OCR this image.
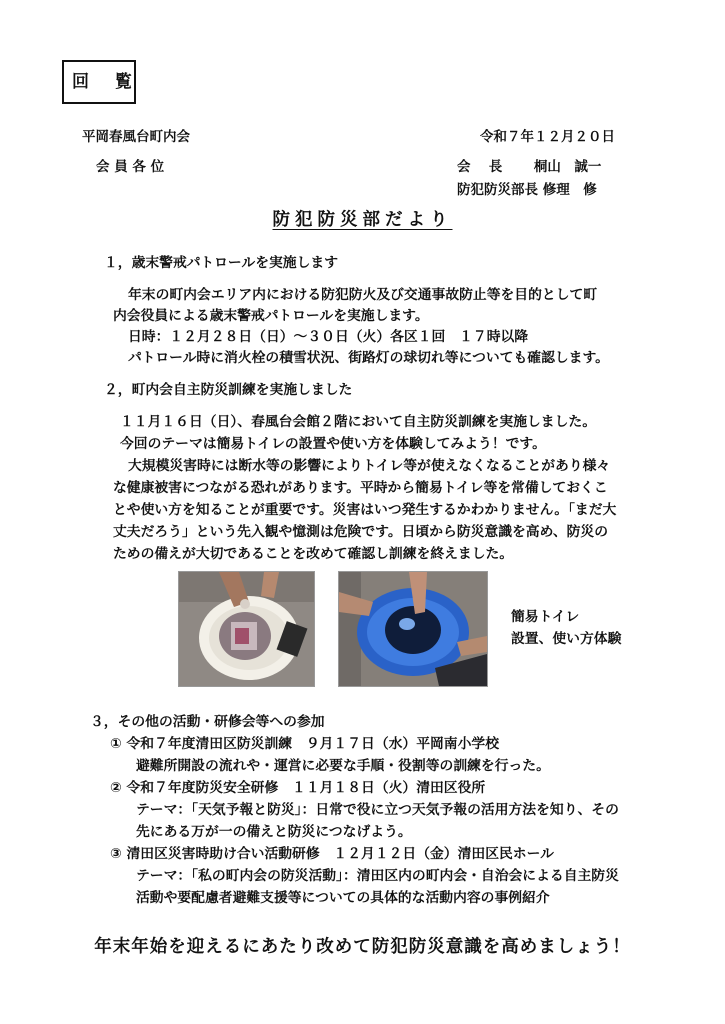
回 覧
平岡春風台町内会	令和７年１２月２０日
会 員 各 位	会　 長　　 桐山　誠一
防犯防災部長 修理　修
防犯防災部だより
１，歳末警戒パトロールを実施します
年末の町内会エリア内における防犯防火及び交通事故防止等を目的として町
内会役員による歳末警戒パトロールを実施します。
日時：１２月２８日（日）～３０日（火）各区１回　１７時以降
パトロール時に消火栓の積雪状況、街路灯の球切れ等についても確認します。
２，町内会自主防災訓練を実施しました
１１月１６日（日）、春風台会館２階において自主防災訓練を実施しました。
今回のテーマは簡易トイレの設置や使い方を体験してみよう！です。
大規模災害時には断水等の影響によりトイレ等が使えなくなることがあり様々
な健康被害につながる恐れがあります。平時から簡易トイレ等を常備しておくこ
とや使い方を知ることが重要です。災害はいつ発生するかわかりません。「まだ大
丈夫だろう」という先入観や憶測は危険です。日頃から防災意識を高め、防災の
ための備えが大切であることを改めて確認し訓練を終えました。
簡易トイレ
設置、使い方体験
３，その他の活動・研修会等への参加
① 令和７年度清田区防災訓練　９月１７日（水）平岡南小学校
避難所開設の流れや・運営に必要な手順・役割等の訓練を行った。
② 令和７年度防災安全研修　１１月１８日（火）清田区役所
テーマ：｢天気予報と防災｣：日常で役に立つ天気予報の活用方法を知り、その
先にある万が一の備えと防災につなげよう。
③ 清田区災害時助け合い活動研修　１２月１２日（金）清田区民ホール
テーマ：｢私の町内会の防災活動｣：清田区内の町内会・自治会による自主防災
活動や要配慮者避難支援等についての具体的な活動内容の事例紹介
年末年始を迎えるにあたり改めて防犯防災意識を高めましょう！
